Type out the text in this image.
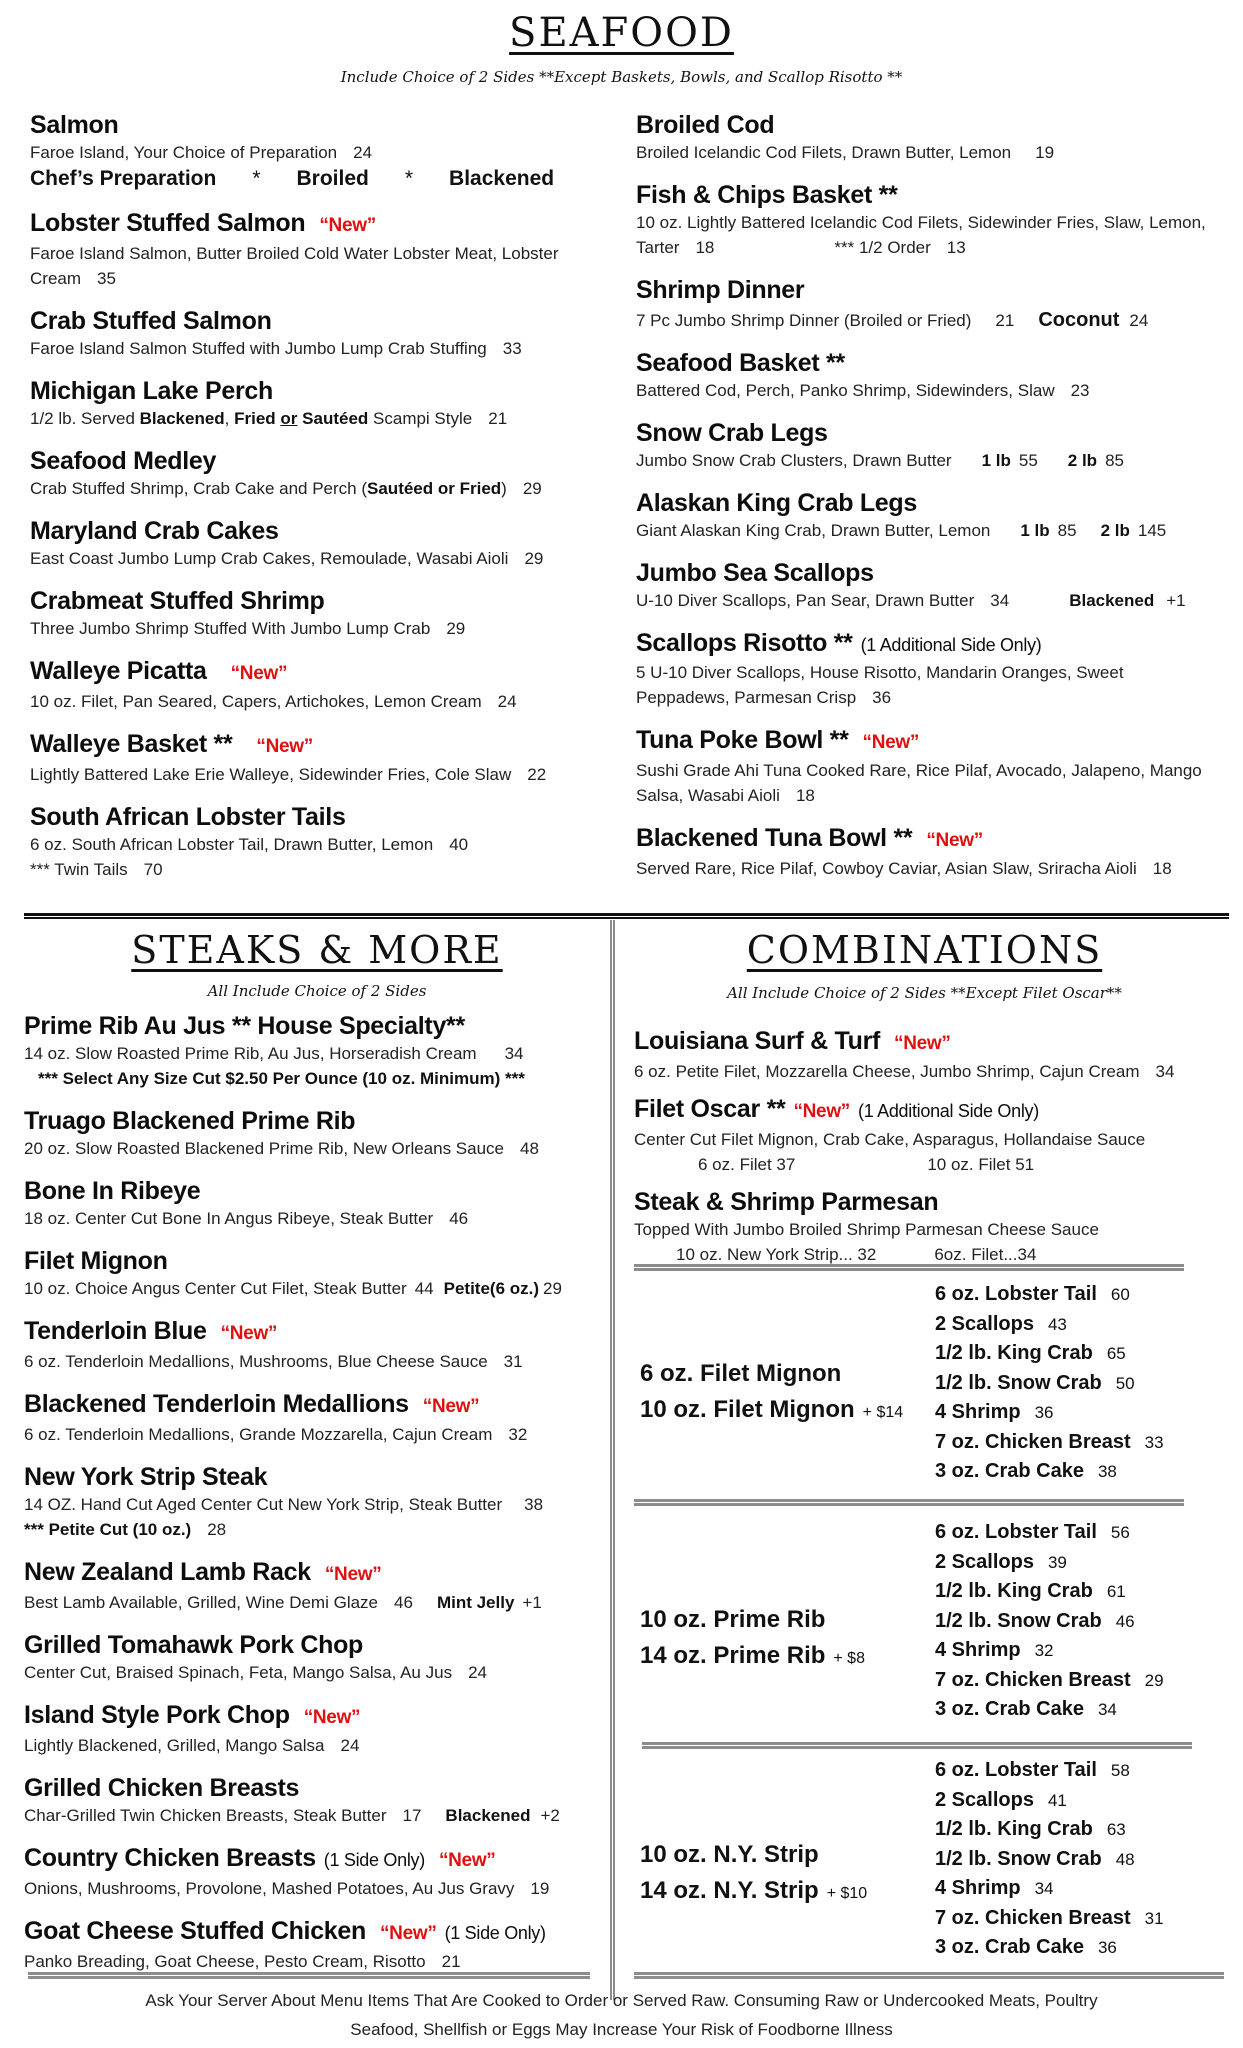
SEAFOOD
Include Choice of 2 Sides **Except Baskets, Bowls, and Scallop Risotto **
Salmon
Faroe Island, Your Choice of Preparation 24
Chef’s Preparation * Broiled * Blackened
Lobster Stuffed Salmon “New”
Faroe Island Salmon, Butter Broiled Cold Water Lobster Meat, Lobster Cream 35
Crab Stuffed Salmon
Faroe Island Salmon Stuffed with Jumbo Lump Crab Stuffing 33
Michigan Lake Perch
1/2 lb. Served Blackened, Fried or Sautéed Scampi Style 21
Seafood Medley
Crab Stuffed Shrimp, Crab Cake and Perch (Sautéed or Fried) 29
Maryland Crab Cakes
East Coast Jumbo Lump Crab Cakes, Remoulade, Wasabi Aioli 29
Crabmeat Stuffed Shrimp
Three Jumbo Shrimp Stuffed With Jumbo Lump Crab 29
Walleye Picatta “New”
10 oz. Filet, Pan Seared, Capers, Artichokes, Lemon Cream 24
Walleye Basket ** “New”
Lightly Battered Lake Erie Walleye, Sidewinder Fries, Cole Slaw 22
South African Lobster Tails
6 oz. South African Lobster Tail, Drawn Butter, Lemon 40
*** Twin Tails 70
Broiled Cod
Broiled Icelandic Cod Filets, Drawn Butter, Lemon 19
Fish & Chips Basket **
10 oz. Lightly Battered Icelandic Cod Filets, Sidewinder Fries, Slaw, Lemon, Tarter 18	*** 1/2 Order 13
Shrimp Dinner
7 Pc Jumbo Shrimp Dinner (Broiled or Fried) 21 Coconut 24
Seafood Basket **
Battered Cod, Perch, Panko Shrimp, Sidewinders, Slaw 23
Snow Crab Legs
Jumbo Snow Crab Clusters, Drawn Butter 1 lb 55 2 lb 85
Alaskan King Crab Legs
Giant Alaskan King Crab, Drawn Butter, Lemon 1 lb 85 2 lb 145
Jumbo Sea Scallops
U-10 Diver Scallops, Pan Sear, Drawn Butter 34	Blackened +1
Scallops Risotto ** (1 Additional Side Only)
5 U-10 Diver Scallops, House Risotto, Mandarin Oranges, Sweet Peppadews, Parmesan Crisp 36
Tuna Poke Bowl ** “New”
Sushi Grade Ahi Tuna Cooked Rare, Rice Pilaf, Avocado, Jalapeno, Mango Salsa, Wasabi Aioli 18
Blackened Tuna Bowl ** “New”
Served Rare, Rice Pilaf, Cowboy Caviar, Asian Slaw, Sriracha Aioli 18
STEAKS & MORE
All Include Choice of 2 Sides
Prime Rib Au Jus ** House Specialty**
14 oz. Slow Roasted Prime Rib, Au Jus, Horseradish Cream 34
*** Select Any Size Cut $2.50 Per Ounce (10 oz. Minimum) ***
Truago Blackened Prime Rib
20 oz. Slow Roasted Blackened Prime Rib, New Orleans Sauce 48
Bone In Ribeye
18 oz. Center Cut Bone In Angus Ribeye, Steak Butter 46
Filet Mignon
10 oz. Choice Angus Center Cut Filet, Steak Butter 44 Petite(6 oz.) 29
Tenderloin Blue “New”
6 oz. Tenderloin Medallions, Mushrooms, Blue Cheese Sauce 31
Blackened Tenderloin Medallions “New”
6 oz. Tenderloin Medallions, Grande Mozzarella, Cajun Cream 32
New York Strip Steak
14 OZ. Hand Cut Aged Center Cut New York Strip, Steak Butter 38
*** Petite Cut (10 oz.) 28
New Zealand Lamb Rack “New”
Best Lamb Available, Grilled, Wine Demi Glaze 46 Mint Jelly +1
Grilled Tomahawk Pork Chop
Center Cut, Braised Spinach, Feta, Mango Salsa, Au Jus 24
Island Style Pork Chop “New”
Lightly Blackened, Grilled, Mango Salsa 24
Grilled Chicken Breasts
Char-Grilled Twin Chicken Breasts, Steak Butter 17 Blackened +2
Country Chicken Breasts (1 Side Only) “New”
Onions, Mushrooms, Provolone, Mashed Potatoes, Au Jus Gravy 19
Goat Cheese Stuffed Chicken “New” (1 Side Only)
Panko Breading, Goat Cheese, Pesto Cream, Risotto 21
COMBINATIONS
All Include Choice of 2 Sides **Except Filet Oscar**
Louisiana Surf & Turf “New”
6 oz. Petite Filet, Mozzarella Cheese, Jumbo Shrimp, Cajun Cream 34
Filet Oscar ** “New” (1 Additional Side Only)
Center Cut Filet Mignon, Crab Cake, Asparagus, Hollandaise Sauce
6 oz. Filet 37	10 oz. Filet 51
Steak & Shrimp Parmesan
Topped With Jumbo Broiled Shrimp Parmesan Cheese Sauce
10 oz. New York Strip... 32	6oz. Filet...34
6 oz. Filet Mignon
10 oz. Filet Mignon + $14
6 oz. Lobster Tail 60
2 Scallops 43
1/2 lb. King Crab 65
1/2 lb. Snow Crab 50
4 Shrimp 36
7 oz. Chicken Breast 33
3 oz. Crab Cake 38
10 oz. Prime Rib
14 oz. Prime Rib + $8
6 oz. Lobster Tail 56
2 Scallops 39
1/2 lb. King Crab 61
1/2 lb. Snow Crab 46
4 Shrimp 32
7 oz. Chicken Breast 29
3 oz. Crab Cake 34
10 oz. N.Y. Strip
14 oz. N.Y. Strip + $10
6 oz. Lobster Tail 58
2 Scallops 41
1/2 lb. King Crab 63
1/2 lb. Snow Crab 48
4 Shrimp 34
7 oz. Chicken Breast 31
3 oz. Crab Cake 36
Ask Your Server About Menu Items That Are Cooked to Order or Served Raw. Consuming Raw or Undercooked Meats, Poultry
Seafood, Shellfish or Eggs May Increase Your Risk of Foodborne Illness
